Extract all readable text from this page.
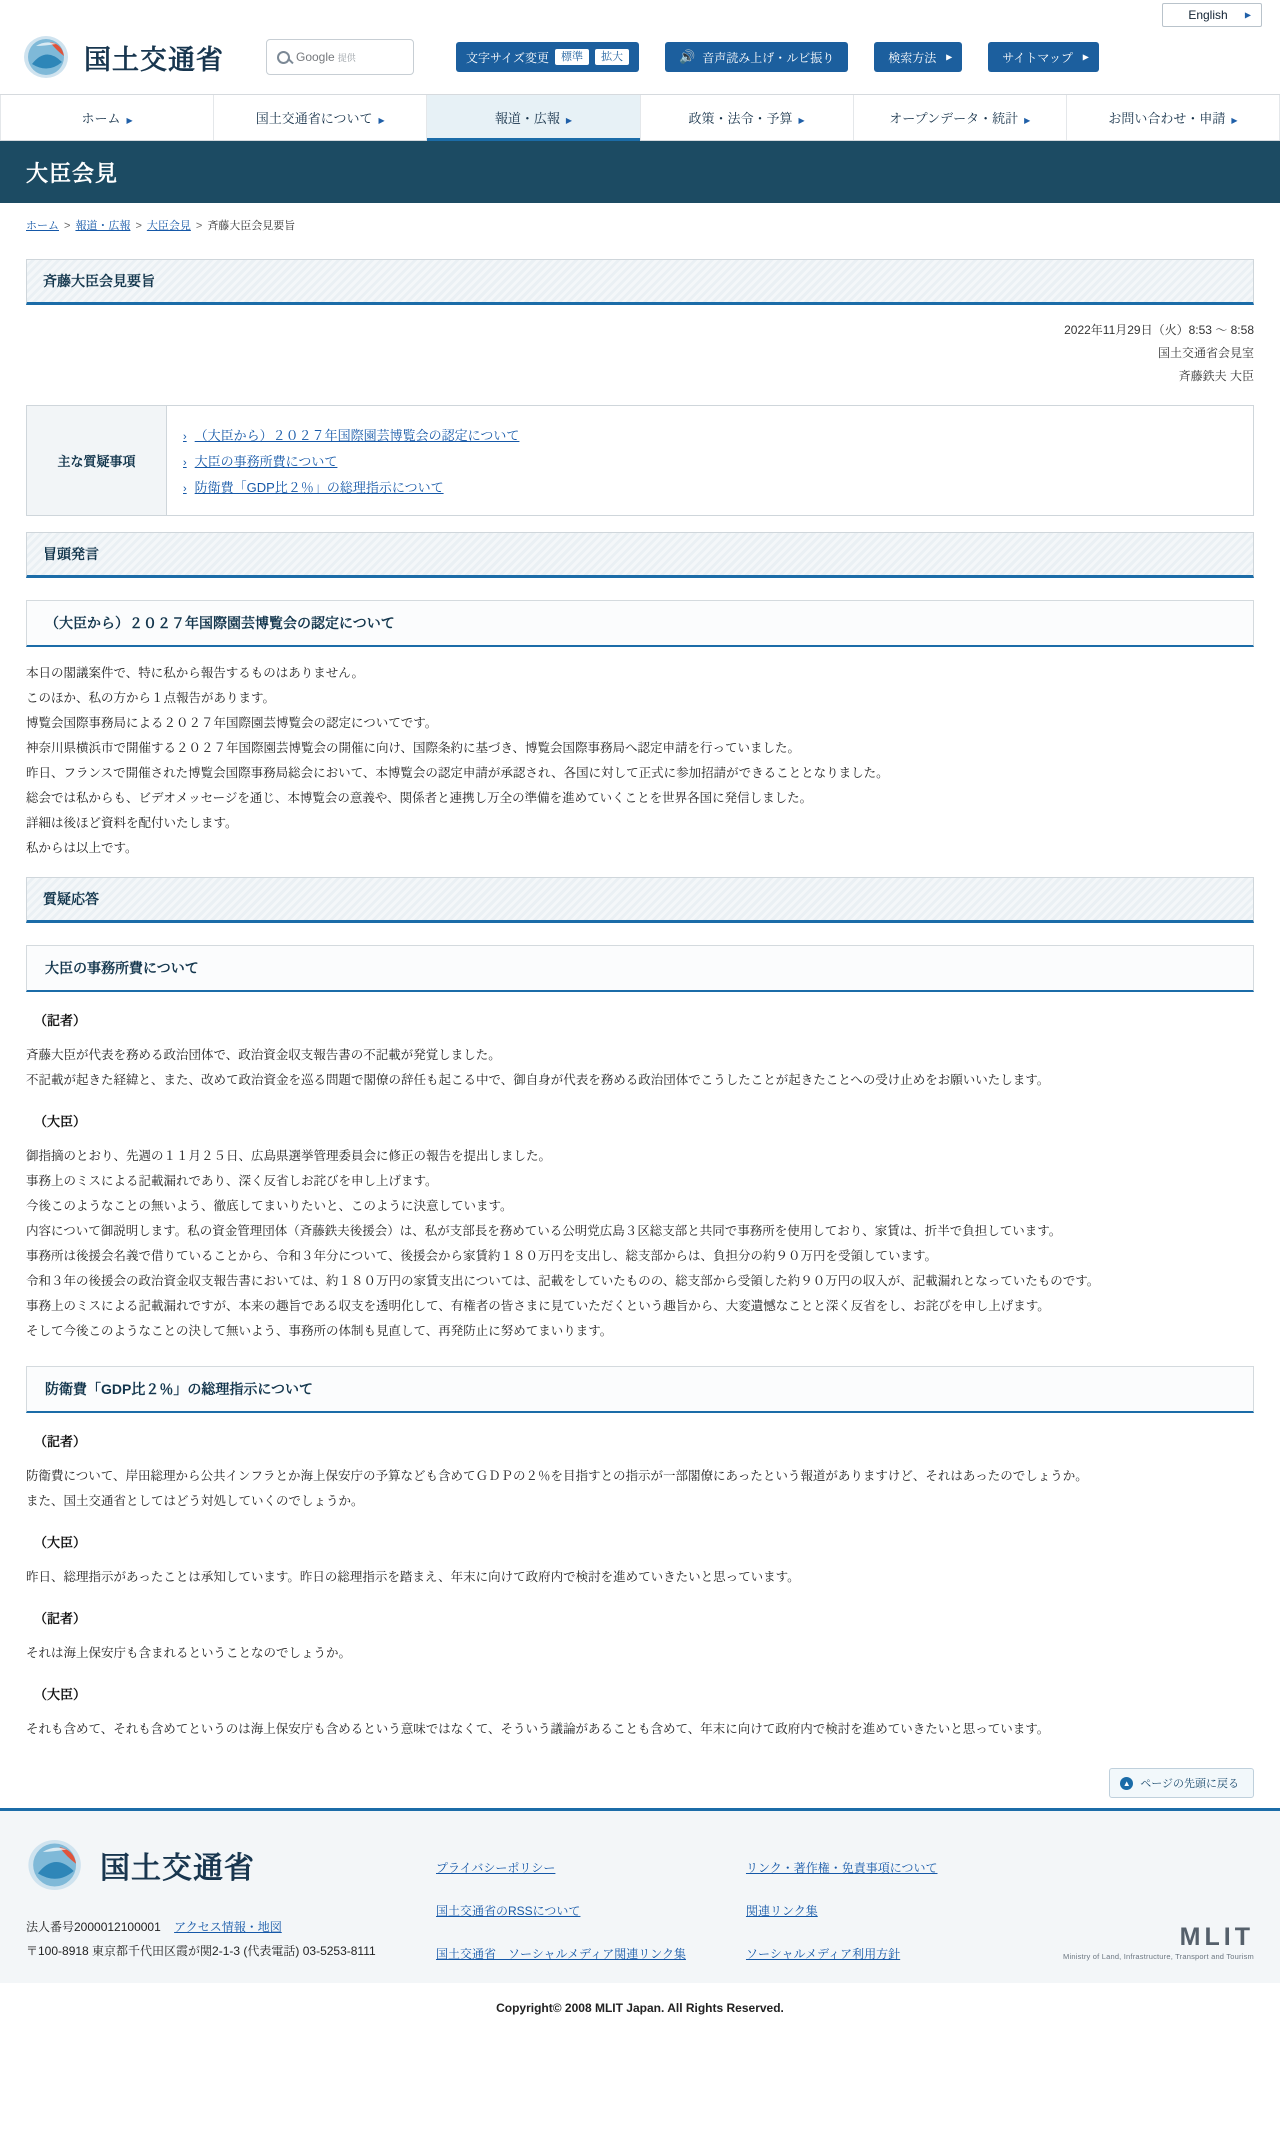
English ▶
国土交通省	Google 提供	文字サイズ変更	標準	拡大	🔊 音声読み上げ・ルビ振り	検索方法
▶	サイトマップ
▶
ホーム ▶	国土交通省について ▶	報道・広報 ▶	政策・法令・予算 ▶	オープンデータ・統計 ▶	お問い合わせ・申請 ▶
大臣会見
ホーム > 報道・広報 > 大臣会見 > 斉藤大臣会見要旨
斉藤大臣会見要旨
2022年11月29日（火）8:53 ～ 8:58
国土交通省会見室
斉藤鉄夫 大臣
主な質疑事項	
› （大臣から）２０２７年国際園芸博覧会の認定について
› 大臣の事務所費について
› 防衛費「GDP比２％」の総理指示について
冒頭発言
（大臣から）２０２７年国際園芸博覧会の認定について

本日の閣議案件で、特に私から報告するものはありません。

このほか、私の方から１点報告があります。

博覧会国際事務局による２０２７年国際園芸博覧会の認定についてです。

神奈川県横浜市で開催する２０２７年国際園芸博覧会の開催に向け、国際条約に基づき、博覧会国際事務局へ認定申請を行っていました。

昨日、フランスで開催された博覧会国際事務局総会において、本博覧会の認定申請が承認され、各国に対して正式に参加招請ができることとなりました。

総会では私からも、ビデオメッセージを通じ、本博覧会の意義や、関係者と連携し万全の準備を進めていくことを世界各国に発信しました。

詳細は後ほど資料を配付いたします。

私からは以上です。

質疑応答
大臣の事務所費について
（記者）

斉藤大臣が代表を務める政治団体で、政治資金収支報告書の不記載が発覚しました。

不記載が起きた経緯と、また、改めて政治資金を巡る問題で閣僚の辞任も起こる中で、御自身が代表を務める政治団体でこうしたことが起きたことへの受け止めをお願いいたします。

（大臣）

御指摘のとおり、先週の１１月２５日、広島県選挙管理委員会に修正の報告を提出しました。

事務上のミスによる記載漏れであり、深く反省しお詫びを申し上げます。

今後このようなことの無いよう、徹底してまいりたいと、このように決意しています。

内容について御説明します。私の資金管理団体（斉藤鉄夫後援会）は、私が支部長を務めている公明党広島３区総支部と共同で事務所を使用しており、家賃は、折半で負担しています。

事務所は後援会名義で借りていることから、令和３年分について、後援会から家賃約１８０万円を支出し、総支部からは、負担分の約９０万円を受領しています。

令和３年の後援会の政治資金収支報告書においては、約１８０万円の家賃支出については、記載をしていたものの、総支部から受領した約９０万円の収入が、記載漏れとなっていたものです。

事務上のミスによる記載漏れですが、本来の趣旨である収支を透明化して、有権者の皆さまに見ていただくという趣旨から、大変遺憾なことと深く反省をし、お詫びを申し上げます。

そして今後このようなことの決して無いよう、事務所の体制も見直して、再発防止に努めてまいります。

防衛費「GDP比２％」の総理指示について
（記者）

防衛費について、岸田総理から公共インフラとか海上保安庁の予算なども含めてＧＤＰの２％を目指すとの指示が一部閣僚にあったという報道がありますけど、それはあったのでしょうか。

また、国土交通省としてはどう対処していくのでしょうか。

（大臣）

昨日、総理指示があったことは承知しています。昨日の総理指示を踏まえ、年末に向けて政府内で検討を進めていきたいと思っています。

（記者）

それは海上保安庁も含まれるということなのでしょうか。

（大臣）

それも含めて、それも含めてというのは海上保安庁も含めるという意味ではなくて、そういう議論があることも含めて、年末に向けて政府内で検討を進めていきたいと思っています。

▲ ページの先頭に戻る
国土交通省
法人番号2000012100001 アクセス情報・地図
〒100-8918 東京都千代田区霞が関2-1-3 (代表電話) 03-5253-8111
プライバシーポリシー
国土交通省のRSSについて
国土交通省　ソーシャルメディア関連リンク集
リンク・著作権・免責事項について
関連リンク集
ソーシャルメディア利用方針
MLIT
Ministry of Land, Infrastructure, Transport and Tourism
Copyright© 2008 MLIT Japan. All Rights Reserved.
